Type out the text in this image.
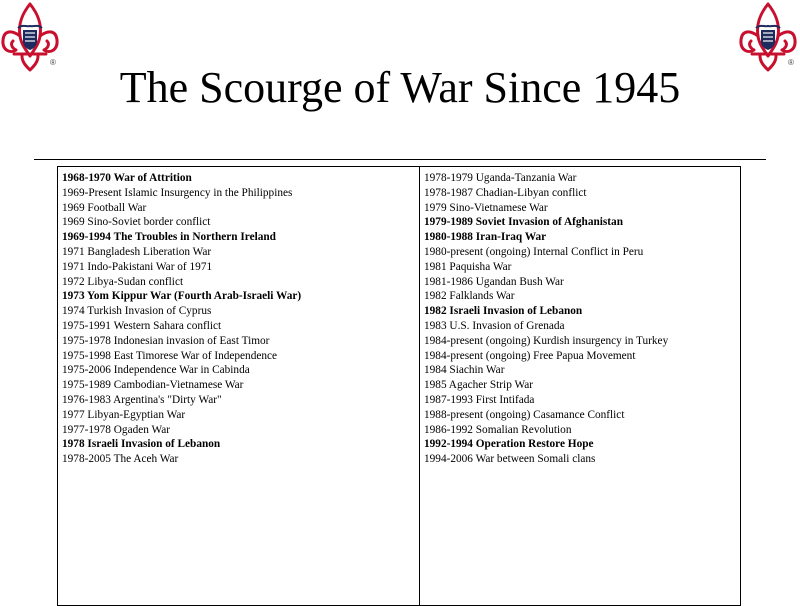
®	®
The Scourge of War Since 1945
1968-1970 War of Attrition
1969-Present Islamic Insurgency in the Philippines
1969 Football War
1969 Sino-Soviet border conflict
1969-1994 The Troubles in Northern Ireland
1971 Bangladesh Liberation War
1971 Indo-Pakistani War of 1971
1972 Libya-Sudan conflict
1973 Yom Kippur War (Fourth Arab-Israeli War)
1974 Turkish Invasion of Cyprus
1975-1991 Western Sahara conflict
1975-1978 Indonesian invasion of East Timor
1975-1998 East Timorese War of Independence
1975-2006 Independence War in Cabinda
1975-1989 Cambodian-Vietnamese War
1976-1983 Argentina's "Dirty War"
1977 Libyan-Egyptian War
1977-1978 Ogaden War
1978 Israeli Invasion of Lebanon
1978-2005 The Aceh War
1978-1979 Uganda-Tanzania War
1978-1987 Chadian-Libyan conflict
1979 Sino-Vietnamese War
1979-1989 Soviet Invasion of Afghanistan
1980-1988 Iran-Iraq War
1980-present (ongoing) Internal Conflict in Peru
1981 Paquisha War
1981-1986 Ugandan Bush War
1982 Falklands War
1982 Israeli Invasion of Lebanon
1983 U.S. Invasion of Grenada
1984-present (ongoing) Kurdish insurgency in Turkey
1984-present (ongoing) Free Papua Movement
1984 Siachin War
1985 Agacher Strip War
1987-1993 First Intifada
1988-present (ongoing) Casamance Conflict
1986-1992 Somalian Revolution
1992-1994 Operation Restore Hope
1994-2006 War between Somali clans
